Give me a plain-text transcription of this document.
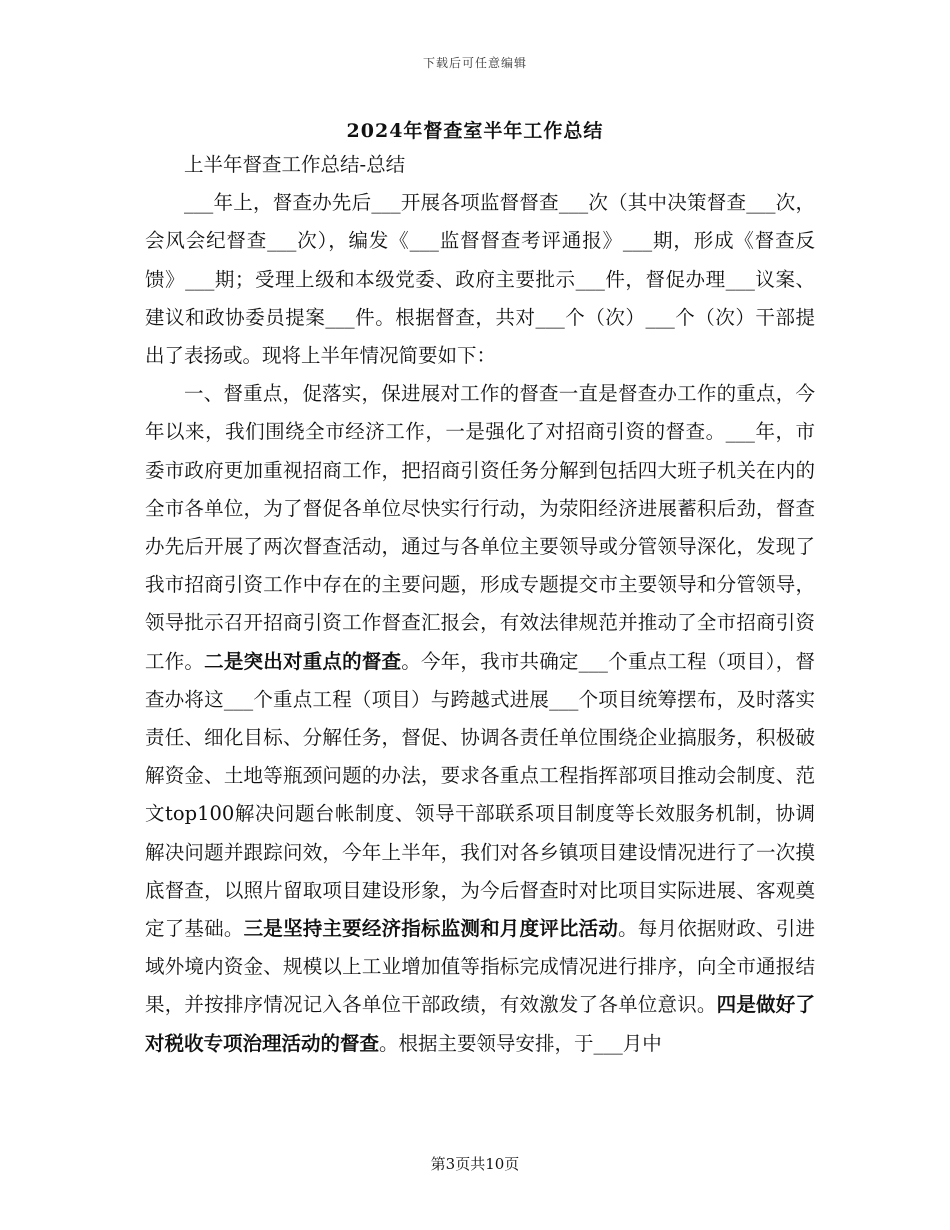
下载后可任意编辑
2024年督查室半年工作总结

上半年督查工作总结-总结

___年上，督查办先后___开展各项监督督查___次（其中决策督查___次，会风会纪督查___次），编发《___监督督查考评通报》___期，形成《督查反馈》___期；受理上级和本级党委、政府主要批示___件，督促办理___议案、建议和政协委员提案___件。根据督查，共对___个（次）___个（次）干部提出了表扬或。现将上半年情况简要如下：

一、督重点，促落实，保进展对工作的督查一直是督查办工作的重点，今年以来，我们围绕全市经济工作，一是强化了对招商引资的督查。___年，市委市政府更加重视招商工作，把招商引资任务分解到包括四大班子机关在内的全市各单位，为了督促各单位尽快实行行动，为荥阳经济进展蓄积后劲，督查办先后开展了两次督查活动，通过与各单位主要领导或分管领导深化，发现了我市招商引资工作中存在的主要问题，形成专题提交市主要领导和分管领导，领导批示召开招商引资工作督查汇报会，有效法律规范并推动了全市招商引资工作。二是突出对重点的督查。今年，我市共确定___个重点工程（项目），督查办将这___个重点工程（项目）与跨越式进展___个项目统筹摆布，及时落实责任、细化目标、分解任务，督促、协调各责任单位围绕企业搞服务，积极破解资金、土地等瓶颈问题的办法，要求各重点工程指挥部项目推动会制度、范文top100解决问题台帐制度、领导干部联系项目制度等长效服务机制，协调解决问题并跟踪问效，今年上半年，我们对各乡镇项目建设情况进行了一次摸底督查，以照片留取项目建设形象，为今后督查时对比项目实际进展、客观奠定了基础。三是坚持主要经济指标监测和月度评比活动。每月依据财政、引进域外境内资金、规模以上工业增加值等指标完成情况进行排序，向全市通报结果，并按排序情况记入各单位干部政绩，有效激发了各单位意识。四是做好了对税收专项治理活动的督查。根据主要领导安排，于___月中

第3页共10页
